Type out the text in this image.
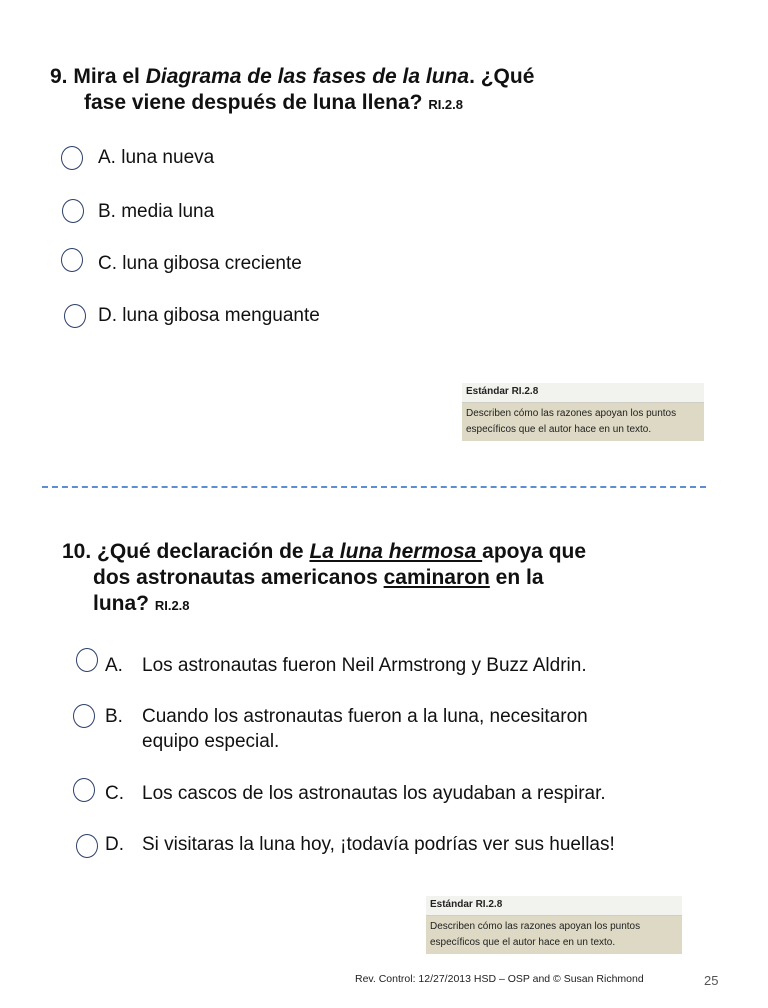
9. Mira el Diagrama de las fases de la luna. ¿Qué
fase viene después de luna llena? RI.2.8
A. luna nueva
B. media luna
C. luna gibosa creciente
D. luna gibosa menguante
Estándar RI.2.8
Describen cómo las razones apoyan los puntos
específicos que el autor hace en un texto.
10. ¿Qué declaración de La luna hermosa apoya que
dos astronautas americanos caminaron en la
luna? RI.2.8
A. Los astronautas fueron Neil Armstrong y Buzz Aldrin.
B. Cuando los astronautas fueron a la luna, necesitaron
equipo especial.
C. Los cascos de los astronautas los ayudaban a respirar.
D. Si visitaras la luna hoy, ¡todavía podrías ver sus huellas!
Estándar RI.2.8
Describen cómo las razones apoyan los puntos
específicos que el autor hace en un texto.
Rev. Control: 12/27/2013 HSD – OSP and © Susan Richmond	25
